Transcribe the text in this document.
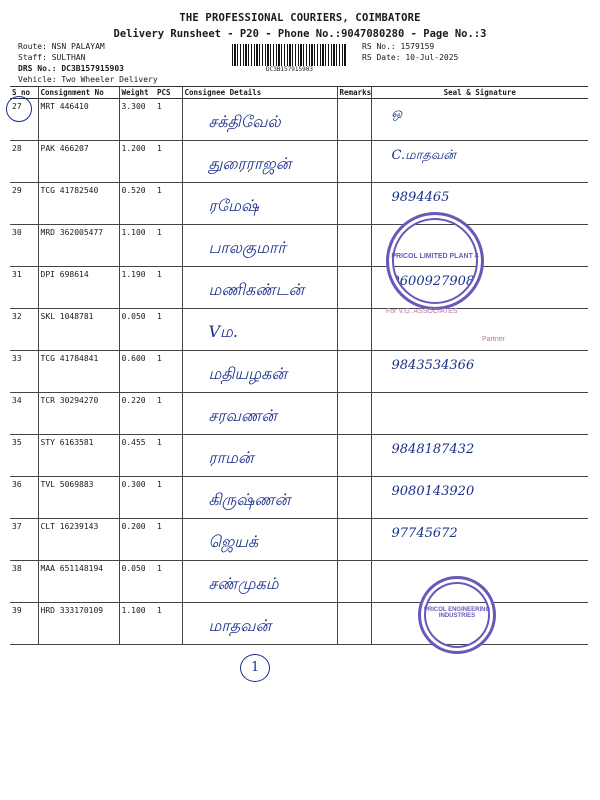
THE PROFESSIONAL COURIERS, COIMBATORE
Delivery Runsheet - P20 - Phone No.:9047080280 - Page No.:3
Route: NSN PALAYAM
Staff: SULTHAN
DRS No.: DC3B157915903
Vehicle: Two Wheeler Delivery
DC3B157915903
RS No.: 1579159
RS Date: 10-Jul-2025
S no	Consignment No	Weight	PCS	Consignee Details	Remarks	Seal & Signature
27	MRT 446410	3.300	1	சக்திவேல்		ஒ

28	PAK 466207	1.200	1	துரைராஜன்		C.மாதவன்

29	TCG 41782540	0.520	1	ரமேஷ்		9894465

30	MRD 362005477	1.100	1	பாலகுமார்		

31	DPI 698614	1.190	1	மணிகண்டன்		9600927908

32	SKL 1048781	0.050	1	Vம.		

33	TCG 41784841	0.600	1	மதியழகன்		9843534366

34	TCR 30294270	0.220	1	சரவணன்		

35	STY 6163581	0.455	1	ராமன்		9848187432

36	TVL 5069883	0.300	1	கிருஷ்ணன்		9080143920

37	CLT 16239143	0.200	1	ஜெயக்		97745672

38	MAA 651148194	0.050	1	சண்முகம்		

39	HRD 333170109	1.100	1	மாதவன்		

PRICOL LIMITED PLANT 4
PRICOL ENGINEERING INDUSTRIES
For V.G. ASSOCIATES
Partner
1
